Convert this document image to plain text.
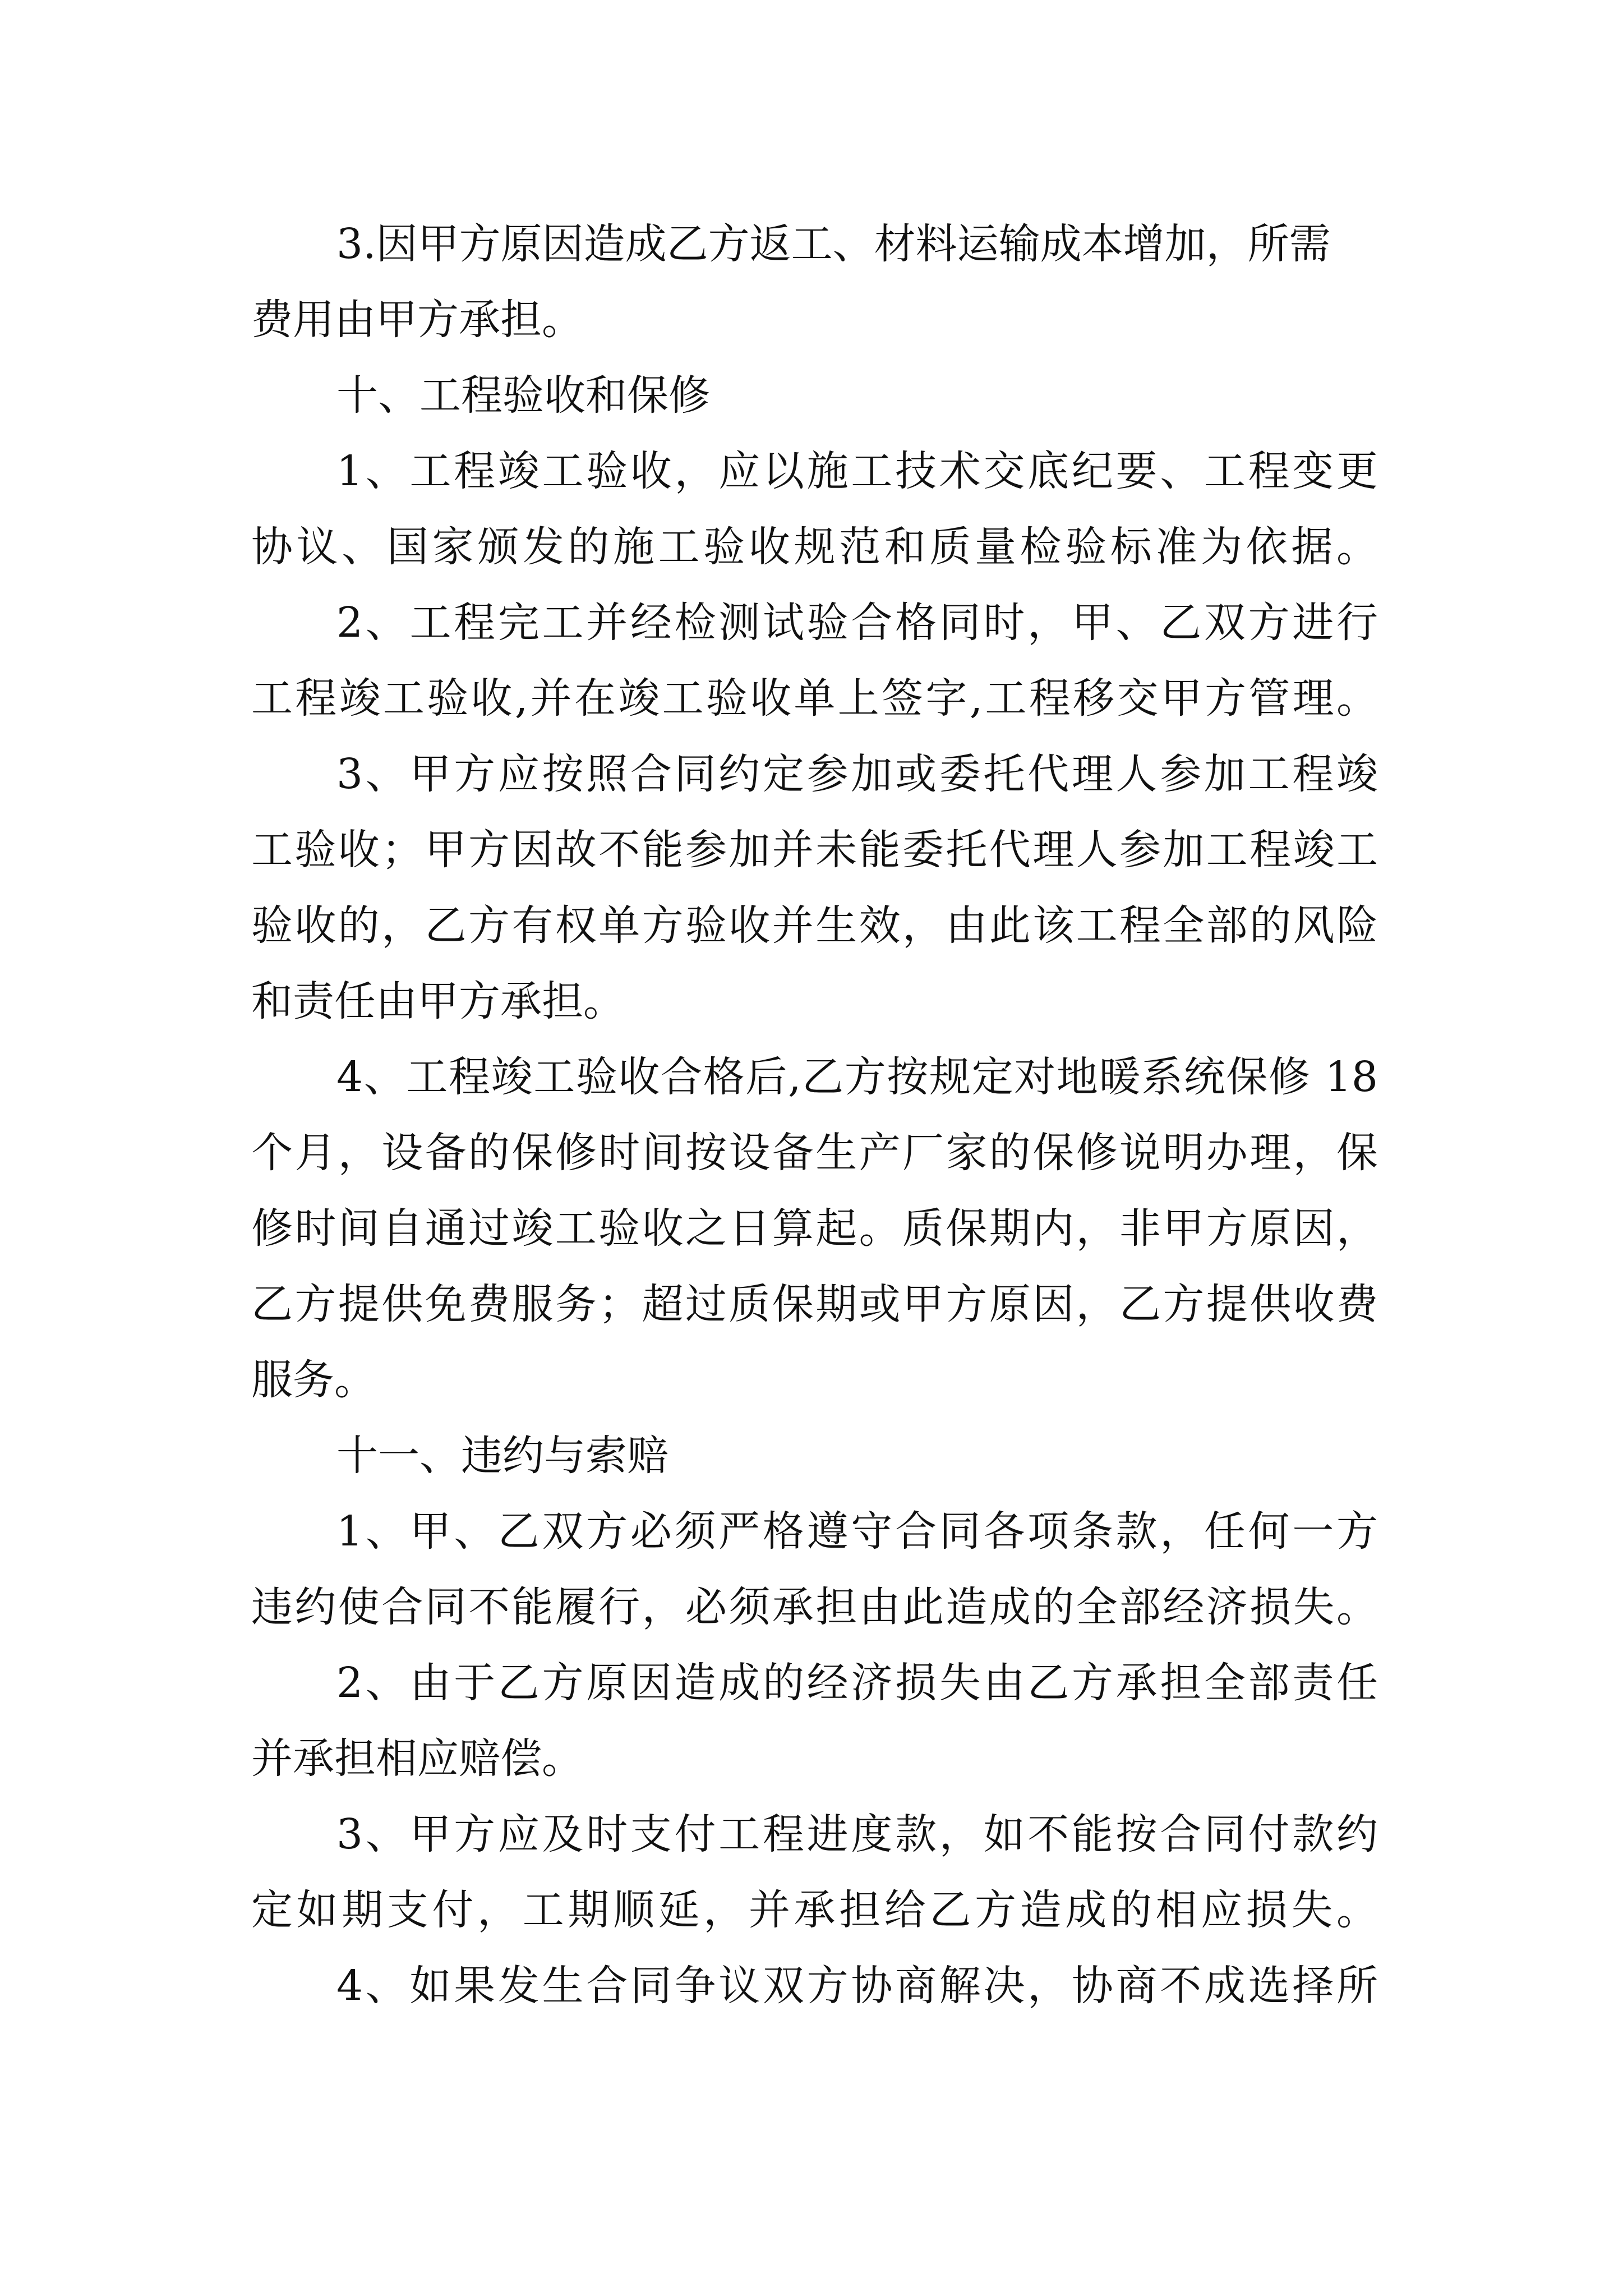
3.因甲方原因造成乙方返工、材料运输成本增加，所需
费用由甲方承担。
十、工程验收和保修
1、工程竣工验收，应以施工技术交底纪要、工程变更
协议、国家颁发的施工验收规范和质量检验标准为依据。
2、工程完工并经检测试验合格同时，甲、乙双方进行
工程竣工验收,并在竣工验收单上签字,工程移交甲方管理。
3、甲方应按照合同约定参加或委托代理人参加工程竣
工验收；甲方因故不能参加并未能委托代理人参加工程竣工
验收的，乙方有权单方验收并生效，由此该工程全部的风险
和责任由甲方承担。
4、工程竣工验收合格后,乙方按规定对地暖系统保修 18
个月，设备的保修时间按设备生产厂家的保修说明办理，保
修时间自通过竣工验收之日算起。质保期内，非甲方原因，
乙方提供免费服务；超过质保期或甲方原因，乙方提供收费
服务。
十一、违约与索赔
1、甲、乙双方必须严格遵守合同各项条款，任何一方
违约使合同不能履行，必须承担由此造成的全部经济损失。
2、由于乙方原因造成的经济损失由乙方承担全部责任
并承担相应赔偿。
3、甲方应及时支付工程进度款，如不能按合同付款约
定如期支付，工期顺延，并承担给乙方造成的相应损失。
4、如果发生合同争议双方协商解决，协商不成选择所
